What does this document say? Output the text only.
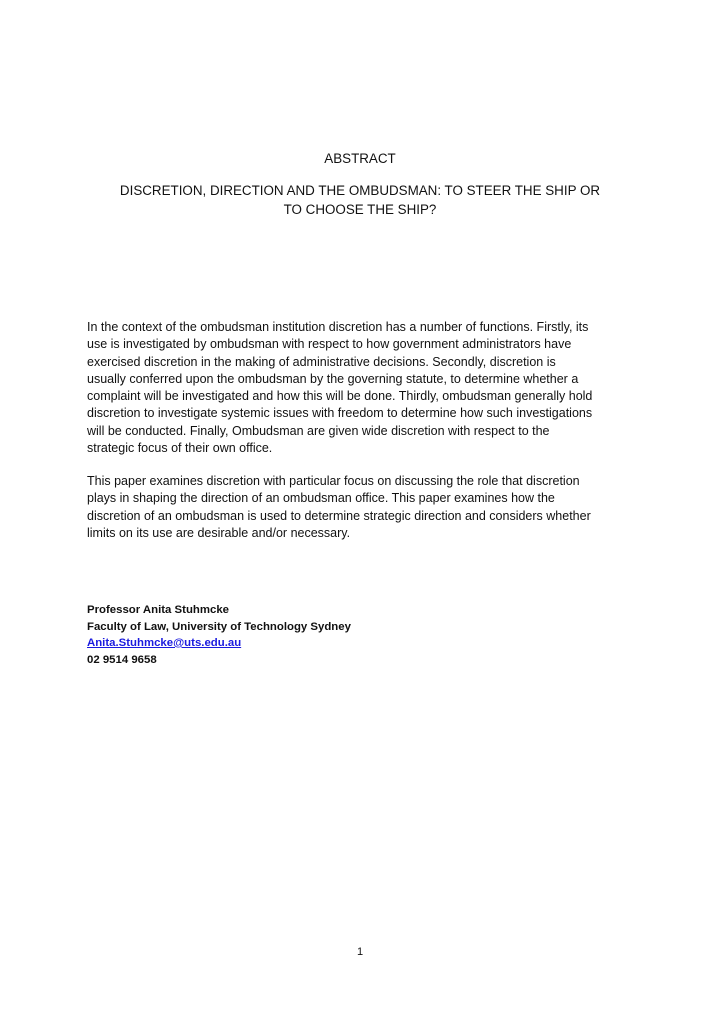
ABSTRACT
DISCRETION, DIRECTION AND THE OMBUDSMAN: TO STEER THE SHIP OR
TO CHOOSE THE SHIP?

In the context of the ombudsman institution discretion has a number of functions. Firstly, its
use is investigated by ombudsman with respect to how government administrators have
exercised discretion in the making of administrative decisions. Secondly, discretion is
usually conferred upon the ombudsman by the governing statute, to determine whether a
complaint will be investigated and how this will be done. Thirdly, ombudsman generally hold
discretion to investigate systemic issues with freedom to determine how such investigations
will be conducted. Finally, Ombudsman are given wide discretion with respect to the
strategic focus of their own office.

This paper examines discretion with particular focus on discussing the role that discretion
plays in shaping the direction of an ombudsman office. This paper examines how the
discretion of an ombudsman is used to determine strategic direction and considers whether
limits on its use are desirable and/or necessary.

Professor Anita Stuhmcke
Faculty of Law, University of Technology Sydney
Anita.Stuhmcke@uts.edu.au
02 9514 9658
1
